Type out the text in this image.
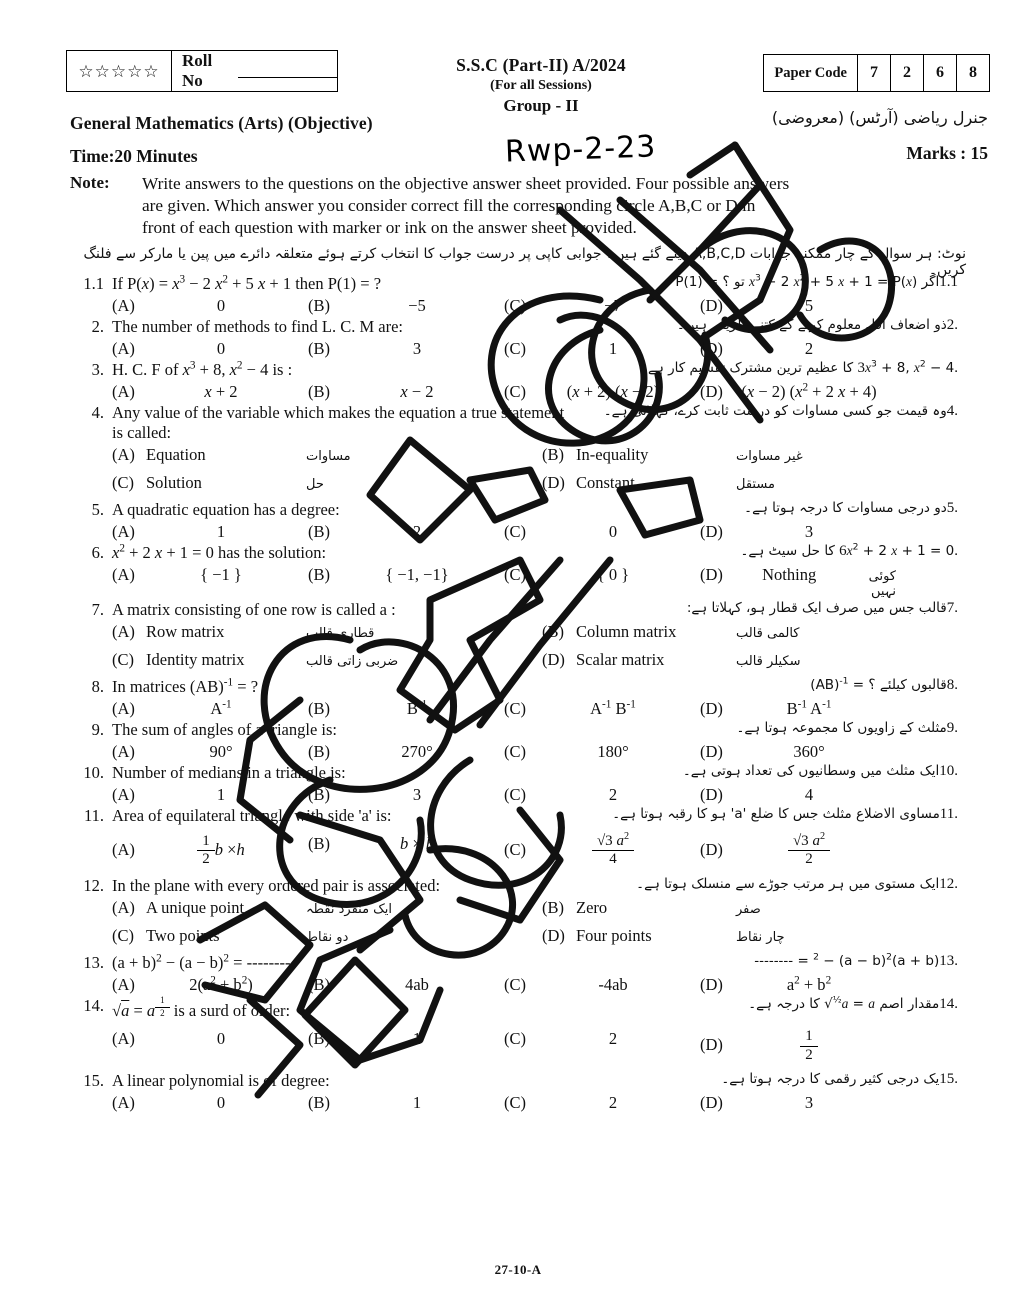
☆☆☆☆☆
Roll No
General Mathematics (Arts) (Objective)
Time:20 Minutes
S.S.C (Part-II) A/2024
(For all Sessions)
Group - II
Rwp-2-23
Paper Code	7	2	6	8
جنرل ریاضی (آرٹس) (معروضی)
Marks : 15
Note:	Write answers to the questions on the objective answer sheet provided. Four possible answers

are given. Which answer you consider correct fill the corresponding circle A,B,C or D in

front of each question with marker or ink on the answer sheet provided.

نوٹ: ہر سوال کے چار ممکنہ جوابات A,B,C,D دیئے گئے ہیں۔ جوابی کاپی پر درست جواب کا انتخاب کرتے ہوئے متعلقہ دائرے میں پین یا مارکر سے فلنگ کریں۔
1.1 If $P(x) = x^3 - 2$ $x^2 + 5$ x + 1 then P(1) = ?	1.1اگر $x^3 - 2$ $x^2 + 5$ x + 1 = P(x) تو ؟ = P(1)
(A)	0	(B)	−5	(C)	−7	(D)	5
2. The number of methods to find L. C. M are:	.2ذو اضعاف اقل معلوم کرنے کے کتنے طریقے ہیں۔
(A)	0	(B)	3	(C)	1	(D)	2
3. H. C. F of $x^3 + 8$, $x^2 - 4$ is :	$.3x^3 + 8$, $x^2 - 4$ کا عظیم ترین مشترک تقسیم کار ہے۔
(A)	x + 2	(B)	x − 2	(C)	(x + 2) (x − 2)	(D)	(x − 2) ($x^2 + 2$ x + 4)
4. Any value of the variable which makes the equation a true statement
is called:
.4وہ قیمت جو کسی مساوات کو درست ثابت کرے، کہلاتی ہے۔
(A) Equation	مساوات	(B) In-equality	غیر مساوات
(C) Solution	حل	(D) Constant	مستقل
5. A quadratic equation has a degree:	.5دو درجی مساوات کا درجہ ہوتا ہے۔
(A)	1	(B)	2	(C)	0	(D)	3
6. $x^2 + 2$ x + 1 = 0 has the solution:	$.6x^2 + 2$ x + 1 = 0 کا حل سیٹ ہے۔
(A)	{ −1 }	(B)	{ −1, −1}	(C)	{ 0 }	(D)	Nothing	کوئی نہیں
7. A matrix consisting of one row is called a :	.7قالب جس میں صرف ایک قطار ہو، کہلاتا ہے:
(A) Row matrix	قطاری قالب	(B) Column matrix	کالمی قالب
(C) Identity matrix	ضربی زاتی قالب	(D) Scalar matrix	سکیلر قالب
8. In matrices (AB)$^{-1}$ = ?	.8قالبوں کیلئے ؟ = $^{1-}$(AB)
(A)	$A^{-1}$	(B)	$B^{-1}$	(C)	$A^{-1}$ $B^{-1}$	(D)	$B^{-1}$ $A^{-1}$
9. The sum of angles of a triangle is:	.9مثلث کے زاویوں کا مجموعہ ہوتا ہے۔
(A)	90°	(B)	270°	(C)	180°	(D)	360°
10. Number of medians in a triangle is:	.10ایک مثلث میں وسطانیوں کی تعداد ہوتی ہے۔
(A)	1	(B)	3	(C)	2	(D)	4
11. Area of equilateral triangle with side 'a' is:	.11مساوی الاضلاع مثلث جس کا ضلع 'a' ہو کا رقبہ ہوتا ہے۔
(A)	$\frac{1}{2}$ b ×h	(B)	b × h	(C)	$\frac{√3 a^2}{4}$	(D)	$\frac{√3 a^2}{2}$
12. In the plane with every ordered pair is associated:	.12ایک مستوی میں ہر مرتب جوڑے سے منسلک ہوتا ہے۔
(A) A unique point	ایک منفرد نقطہ	(B) Zero	صفر
(C) Two points	دو نقاط	(D) Four points	چار نقاط
13. $(a + b)^2 - (a - b)^2$ = --------	$.13(a + b)^2 - (a - b)^2$ = --------
(A)	$2(a^2 + b^2)$	(B)	4ab	(C)	-4ab	(D)	$a^2 + b^2$
14. √a = a $^{\frac{1}{2}}$ is a surd of order:	.14مقدار اصم $a = a^{\frac{1}{2}}√$ کا درجہ ہے۔
(A)	0	(B)	1	(C)	2	(D)	$\frac{1}{2}$
15. A linear polynomial is of degree:	.15یک درجی کثیر رقمی کا درجہ ہوتا ہے۔
(A)	0	(B)	1	(C)	2	(D)	3
27-10-A
